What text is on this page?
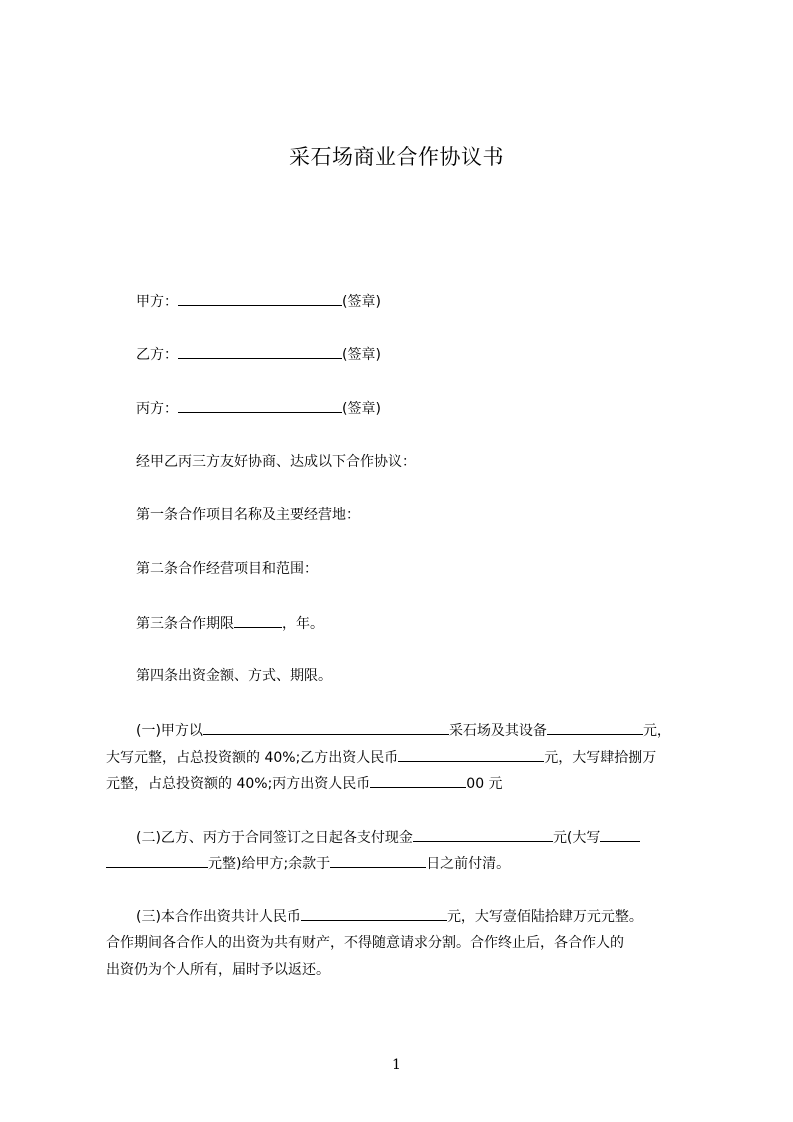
采石场商业合作协议书
甲方：	(签章)
乙方：	(签章)
丙方：	(签章)
经甲乙丙三方友好协商、达成以下合作协议：
第一条合作项目名称及主要经营地：
第二条合作经营项目和范围：
第三条合作期限	，年。
第四条出资金额、方式、期限。
(一)甲方以	采石场及其设备	元，
大写元整，占总投资额的 40%;乙方出资人民币	元，大写肆拾捌万
元整，占总投资额的 40%;丙方出资人民币	00 元
(二)乙方、丙方于合同签订之日起各支付现金	元(大写
元整)给甲方;余款于	日之前付清。
(三)本合作出资共计人民币	元，大写壹佰陆拾肆万元元整。
合作期间各合作人的出资为共有财产，不得随意请求分割。合作终止后，各合作人的
出资仍为个人所有，届时予以返还。
1
